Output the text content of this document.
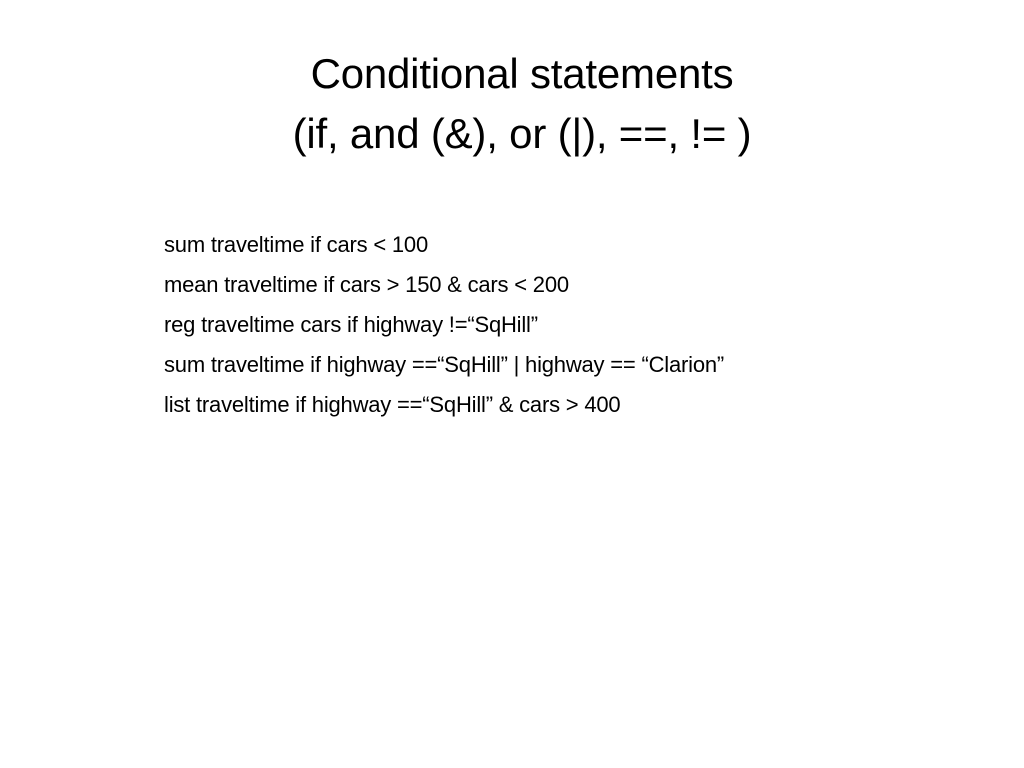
Conditional statements
(if, and (&), or (|), ==, != )
sum traveltime if cars < 100
mean traveltime if cars > 150 & cars < 200
reg traveltime cars if highway !=“SqHill”
sum traveltime if highway ==“SqHill” | highway == “Clarion”
list traveltime if highway ==“SqHill” & cars > 400
